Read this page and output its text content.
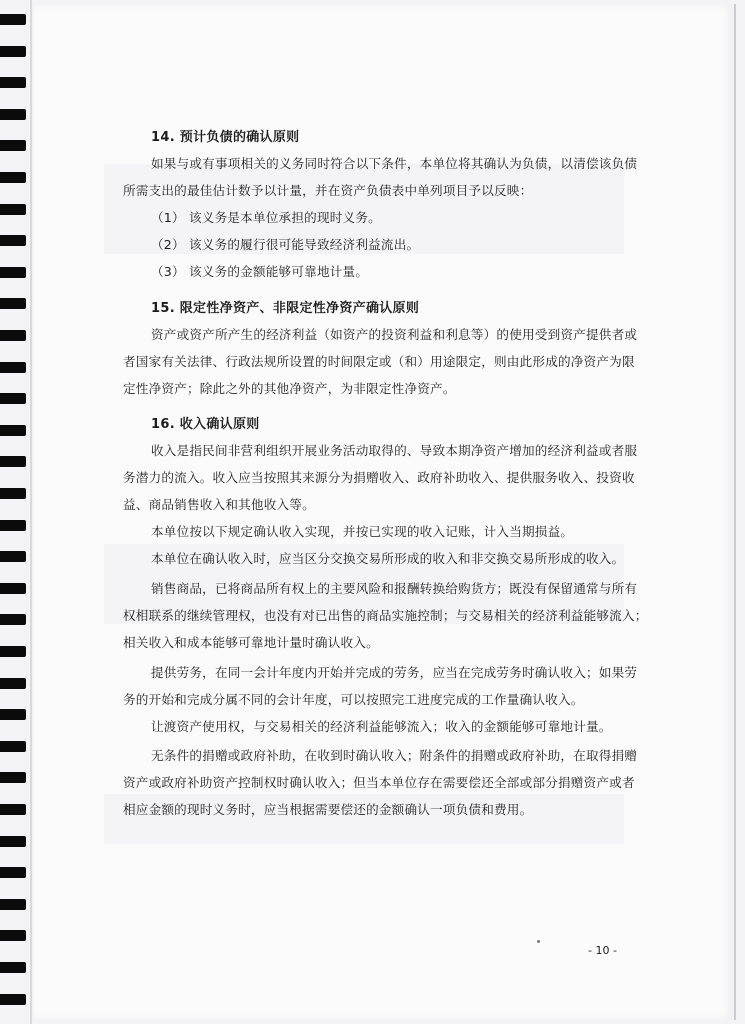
14. 预计负债的确认原则
如果与或有事项相关的义务同时符合以下条件，本单位将其确认为负债，以清偿该负债
所需支出的最佳估计数予以计量，并在资产负债表中单列项目予以反映：
（1） 该义务是本单位承担的现时义务。
（2） 该义务的履行很可能导致经济利益流出。
（3） 该义务的金额能够可靠地计量。
15. 限定性净资产、非限定性净资产确认原则
资产或资产所产生的经济利益（如资产的投资利益和利息等）的使用受到资产提供者或
者国家有关法律、行政法规所设置的时间限定或（和）用途限定，则由此形成的净资产为限
定性净资产；除此之外的其他净资产，为非限定性净资产。
16. 收入确认原则
收入是指民间非营利组织开展业务活动取得的、导致本期净资产增加的经济利益或者服
务潜力的流入。收入应当按照其来源分为捐赠收入、政府补助收入、提供服务收入、投资收
益、商品销售收入和其他收入等。
本单位按以下规定确认收入实现，并按已实现的收入记账，计入当期损益。
本单位在确认收入时，应当区分交换交易所形成的收入和非交换交易所形成的收入。
销售商品，已将商品所有权上的主要风险和报酬转换给购货方；既没有保留通常与所有
权相联系的继续管理权，也没有对已出售的商品实施控制；与交易相关的经济利益能够流入；
相关收入和成本能够可靠地计量时确认收入。
提供劳务，在同一会计年度内开始并完成的劳务，应当在完成劳务时确认收入；如果劳
务的开始和完成分属不同的会计年度，可以按照完工进度完成的工作量确认收入。
让渡资产使用权，与交易相关的经济利益能够流入；收入的金额能够可靠地计量。
无条件的捐赠或政府补助，在收到时确认收入；附条件的捐赠或政府补助，在取得捐赠
资产或政府补助资产控制权时确认收入；但当本单位存在需要偿还全部或部分捐赠资产或者
相应金额的现时义务时，应当根据需要偿还的金额确认一项负债和费用。
- 10 -
